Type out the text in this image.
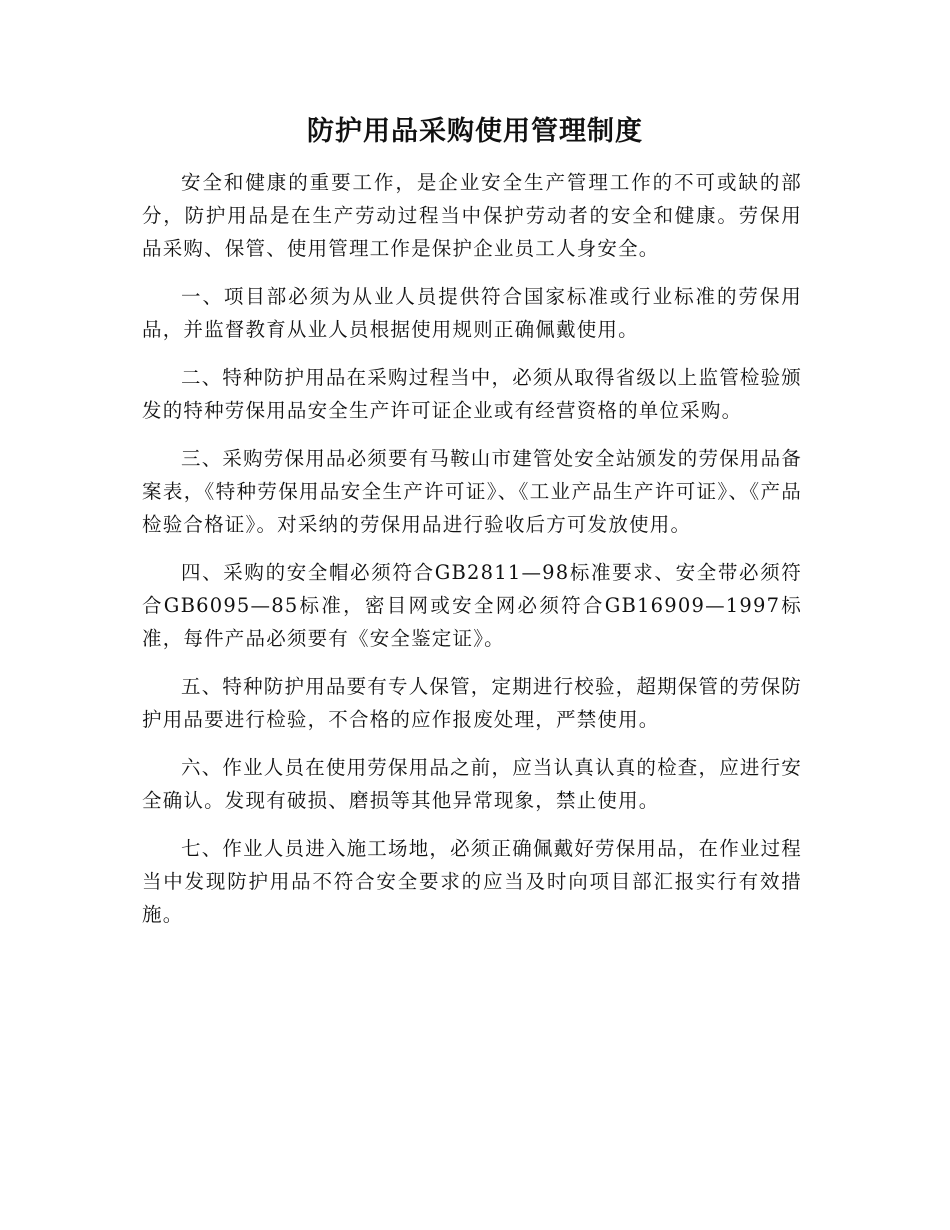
防护用品采购使用管理制度

安全和健康的重要工作，是企业安全生产管理工作的不可或缺的部分，防护用品是在生产劳动过程当中保护劳动者的安全和健康。劳保用品采购、保管、使用管理工作是保护企业员工人身安全。

一、项目部必须为从业人员提供符合国家标准或行业标准的劳保用品，并监督教育从业人员根据使用规则正确佩戴使用。

二、特种防护用品在采购过程当中，必须从取得省级以上监管检验颁发的特种劳保用品安全生产许可证企业或有经营资格的单位采购。

三、采购劳保用品必须要有马鞍山市建管处安全站颁发的劳保用品备案表，《特种劳保用品安全生产许可证》、《工业产品生产许可证》、《产品检验合格证》。对采纳的劳保用品进行验收后方可发放使用。

四、采购的安全帽必须符合GB2811—98标准要求、安全带必须符合GB6095—85标准，密目网或安全网必须符合GB16909—1997标准，每件产品必须要有《安全鉴定证》。

五、特种防护用品要有专人保管，定期进行校验，超期保管的劳保防护用品要进行检验，不合格的应作报废处理，严禁使用。

六、作业人员在使用劳保用品之前，应当认真认真的检查，应进行安全确认。发现有破损、磨损等其他异常现象，禁止使用。

七、作业人员进入施工场地，必须正确佩戴好劳保用品，在作业过程当中发现防护用品不符合安全要求的应当及时向项目部汇报实行有效措施。
